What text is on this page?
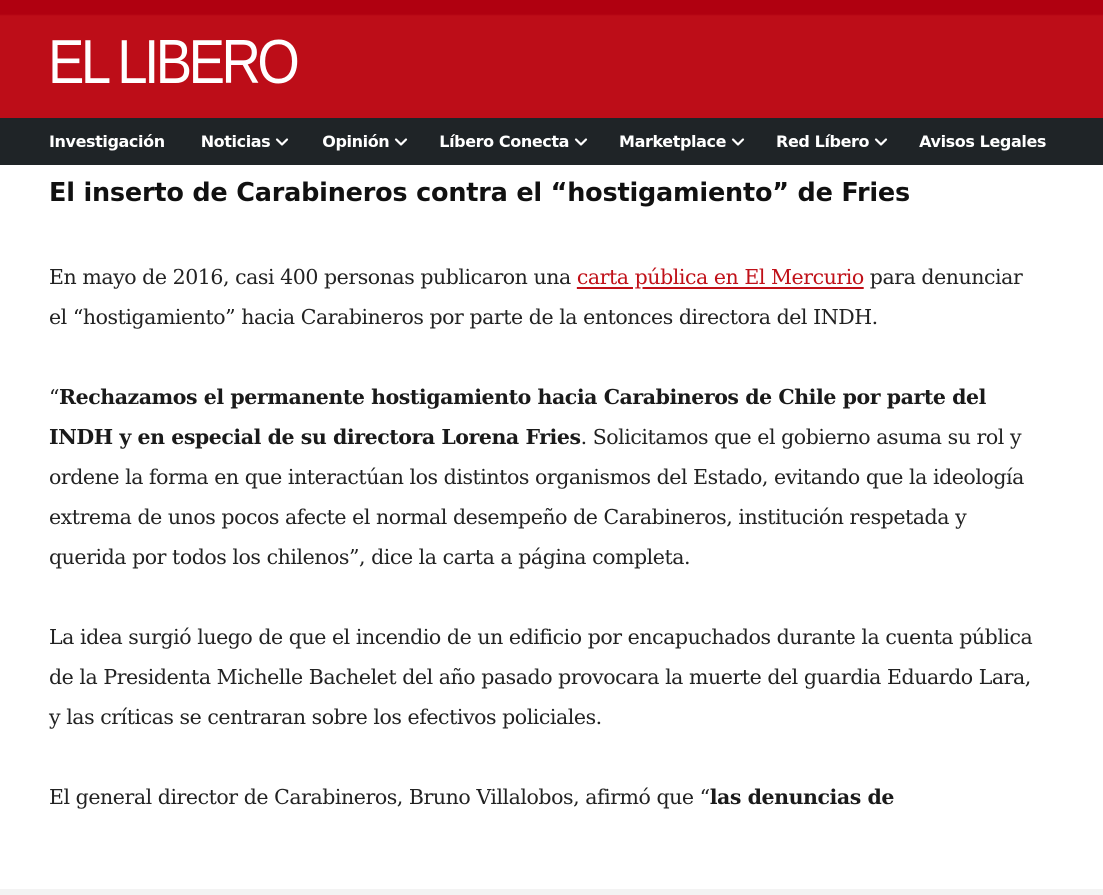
EL LIBERO
Investigación Noticias	Opinión	Líbero Conecta	Marketplace	Red Líbero	Avisos Legales
El inserto de Carabineros contra el “hostigamiento” de Fries

En mayo de 2016, casi 400 personas publicaron una carta pública en El Mercurio para denunciar el “hostigamiento” hacia Carabineros por parte de la entonces directora del INDH.

“Rechazamos el permanente hostigamiento hacia Carabineros de Chile por parte del INDH y en especial de su directora Lorena Fries. Solicitamos que el gobierno asuma su rol y ordene la forma en que interactúan los distintos organismos del Estado, evitando que la ideología extrema de unos pocos afecte el normal desempeño de Carabineros, institución respetada y querida por todos los chilenos”, dice la carta a página completa.

La idea surgió luego de que el incendio de un edificio por encapuchados durante la cuenta pública de la Presidenta Michelle Bachelet del año pasado provocara la muerte del guardia Eduardo Lara, y las críticas se centraran sobre los efectivos policiales.

El general director de Carabineros, Bruno Villalobos, afirmó que “las denuncias de
